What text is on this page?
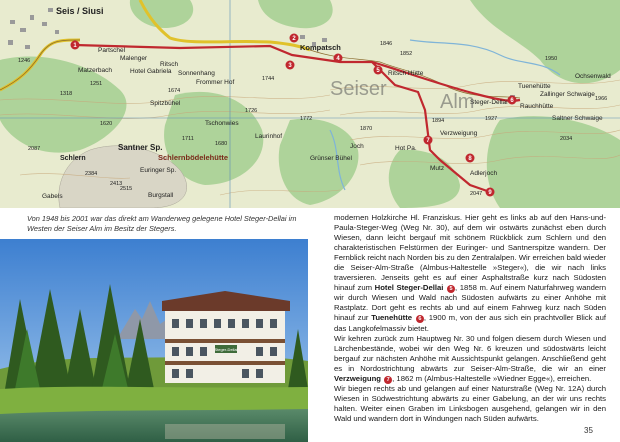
1
2
3
4
5
6
7
8
9
Seis / Siusi
Partschel
Malenger
Matzerbach
Ritsch
Hotel Gabriela Sonnenhang
Frommer Hof
Spitzbühel
Tschonwies
Santner Sp.
Schlernbödelehütte
Euringer Sp.
Gabels	Burgstall
Kompatsch
Ochsenwald
Joch
Grünser Bühel
Saltner Schwaige
Zallinger Schwaige
Ritsch Hütte
Hot Pa.
Steger-Dellai
Tuenehütte
Verzweigung
Adlerjoch
Rauchhütte
Seiser
Alm
Laurinhof
Mutz
Schlern
1246
1251
1318
1620
1674
1711
1744
1726
1680
2087
2413
2515
2384
1846
1852
1894
2034
2047
1950
1927
1966
1870
1772
Von 1948 bis 2001 war das direkt am Wanderweg gelegene Hotel Steger-Dellai im Westen der Seiser Alm im Besitz der Stegers.
Steger-Dellai

modernen Holzkirche Hl. Franziskus. Hier geht es links ab auf den Hans-und-Paula-Steger-Weg (Weg Nr. 30), auf dem wir ostwärts zunächst eben durch Wiesen, dann leicht bergauf mit schönem Rückblick zum Schlern und den charakteristischen Felstürmen der Euringer- und Santnerspitze wandern. Der Fernblick reicht nach Norden bis zu den Zentralalpen. Wir erreichen bald wieder die Seiser-Alm-Straße (Almbus-Haltestelle »Steger«), die wir nach links traversieren. Jenseits geht es auf einer Asphaltstraße kurz nach Südosten hinauf zum Hotel Steger-Dellai 5 , 1858 m. Auf einem Naturfahrweg wandern wir durch Wiesen und Wald nach Südosten aufwärts zu einer Anhöhe mit Rastplatz. Dort geht es rechts ab und auf einem Fahrweg kurz nach Süden hinauf zur Tuenehütte 6 , 1900 m, von der aus sich ein prachtvoller Blick auf das Langkofelmassiv bietet.

Wir kehren zurück zum Hauptweg Nr. 30 und folgen diesem durch Wiesen und Lärchenbestände, wobei wir den Weg Nr. 6 kreuzen und südostwärts leicht bergauf zur nächsten Anhöhe mit Aussichtspunkt gelangen. Anschließend geht es in Nordostrichtung abwärts zur Seiser-Alm-Straße, die wir an einer Verzweigung 7 , 1862 m (Almbus-Haltestelle »Wiedner Egge«), erreichen.

Wir biegen rechts ab und gelangen auf einer Naturstraße (Weg Nr. 12A) durch Wiesen in Südwestrichtung abwärts zu einer Gabelung, an der wir uns rechts halten. Weiter einen Graben im Linksbogen ausgehend, gelangen wir in den Wald und wandern dort in Windungen nach Süden aufwärts.

35
